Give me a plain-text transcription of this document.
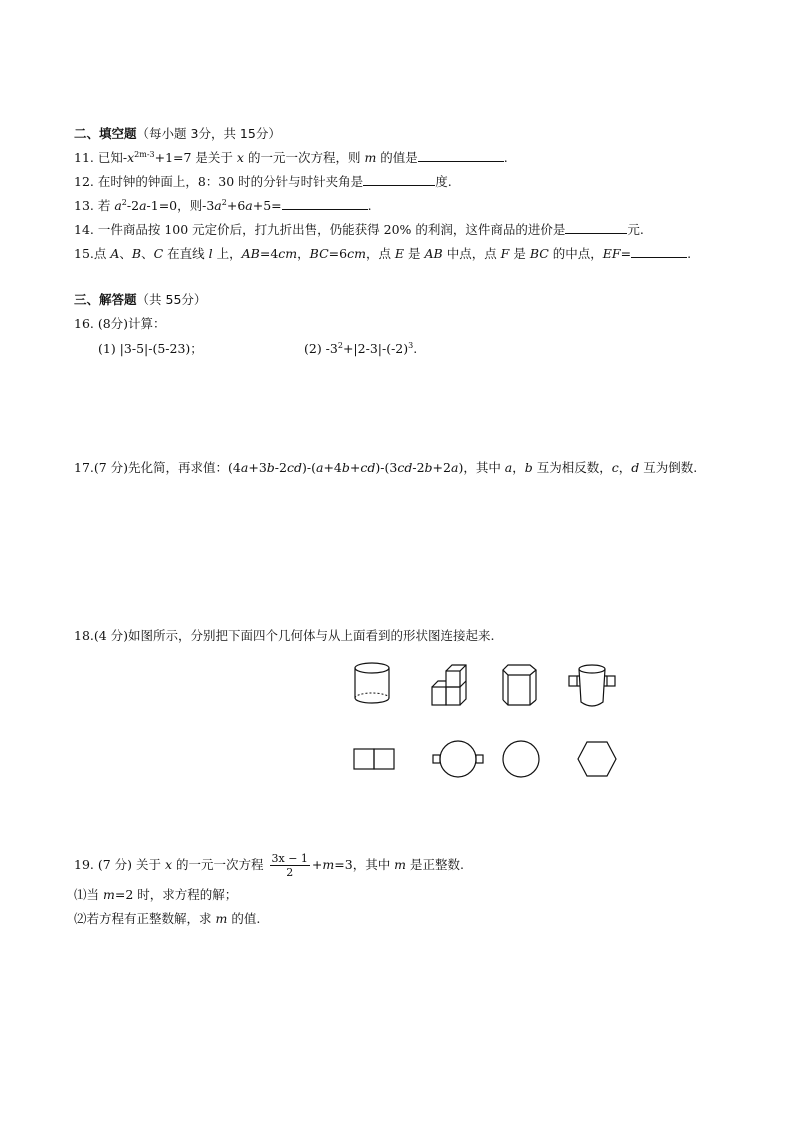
二、填空题（每小题 3分，共 15分）
11. 已知$-x^{2m-3}+1=7$ 是关于 x 的一元一次方程，则 m 的值是	.
12. 在时钟的钟面上，8：30 时的分针与时针夹角是	度.
13. 若 $a^2-2a-1=0$，则$-3a^2+6a+5=$	.
14. 一件商品按 100 元定价后，打九折出售，仍能获得 20% 的利润，这件商品的进价是	元.
15.点 A、B、C 在直线 l 上，AB=4cm，BC=6cm，点 E 是 AB 中点，点 F 是 BC 的中点，EF=	.
三、解答题（共 55分）
16. (8分)计算：
(1) |3-5|-(5-23)；	(2) $-3^2+|2-3|-(-2)^3$.
17.(7 分)先化简，再求值：(4a+3b-2cd)-(a+4b+cd)-(3cd-2b+2a)，其中 a，b 互为相反数，c，d 互为倒数.
18.(4 分)如图所示，分别把下面四个几何体与从上面看到的形状图连接起来.
19. (7 分) 关于 x 的一元一次方程 $\frac{3x - 1}{2} +m=3$，其中 m 是正整数.
⑴当 m=2 时，求方程的解；
⑵若方程有正整数解，求 m 的值.
